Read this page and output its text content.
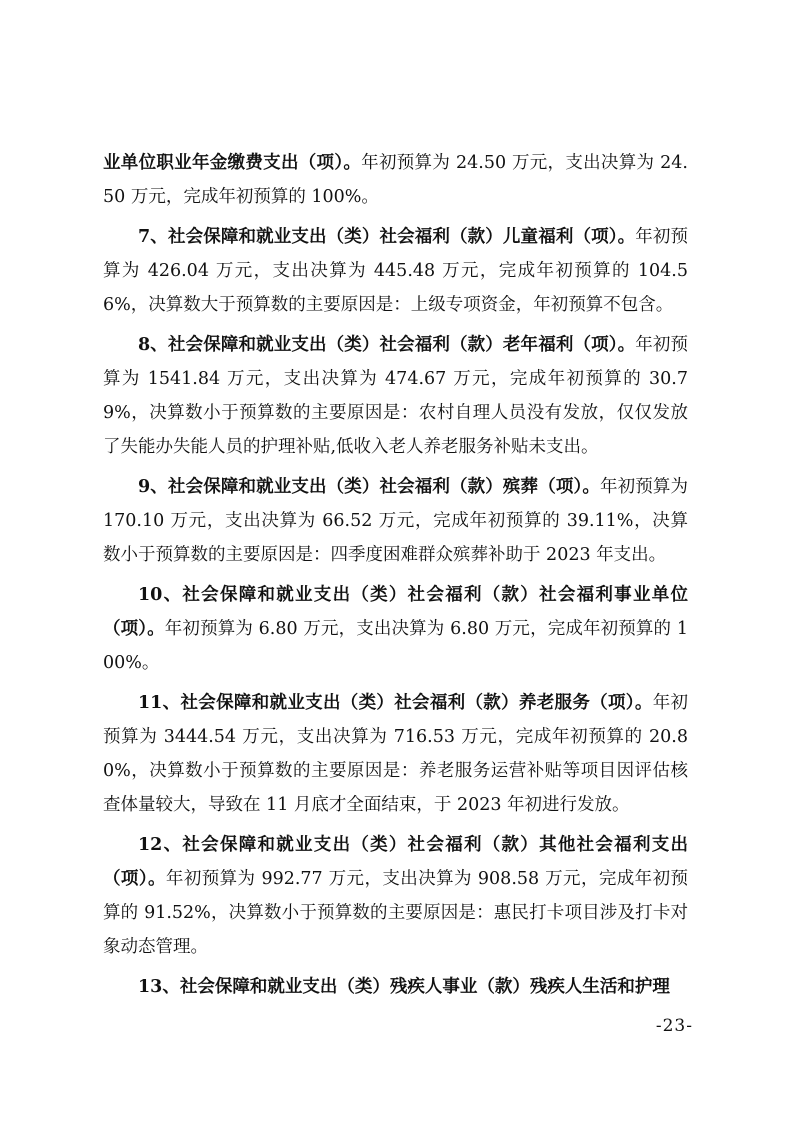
业单位职业年金缴费支出（项）。年初预算为 24.50 万元，支出决算为 24.50 万元，完成年初预算的 100%。

7、社会保障和就业支出（类）社会福利（款）儿童福利（项）。年初预算为 426.04 万元，支出决算为 445.48 万元，完成年初预算的 104.56%，决算数大于预算数的主要原因是：上级专项资金，年初预算不包含。

8、社会保障和就业支出（类）社会福利（款）老年福利（项）。年初预算为 1541.84 万元，支出决算为 474.67 万元，完成年初预算的 30.79%，决算数小于预算数的主要原因是：农村自理人员没有发放，仅仅发放了失能办失能人员的护理补贴,低收入老人养老服务补贴未支出。

9、社会保障和就业支出（类）社会福利（款）殡葬（项）。年初预算为 170.10 万元，支出决算为 66.52 万元，完成年初预算的 39.11%，决算数小于预算数的主要原因是：四季度困难群众殡葬补助于 2023 年支出。

10、社会保障和就业支出（类）社会福利（款）社会福利事业单位（项）。年初预算为 6.80 万元，支出决算为 6.80 万元，完成年初预算的 100%。

11、社会保障和就业支出（类）社会福利（款）养老服务（项）。年初预算为 3444.54 万元，支出决算为 716.53 万元，完成年初预算的 20.80%，决算数小于预算数的主要原因是：养老服务运营补贴等项目因评估核查体量较大，导致在 11 月底才全面结束，于 2023 年初进行发放。

12、社会保障和就业支出（类）社会福利（款）其他社会福利支出（项）。年初预算为 992.77 万元，支出决算为 908.58 万元，完成年初预算的 91.52%，决算数小于预算数的主要原因是：惠民打卡项目涉及打卡对象动态管理。

13、社会保障和就业支出（类）残疾人事业（款）残疾人生活和护理

-23-
